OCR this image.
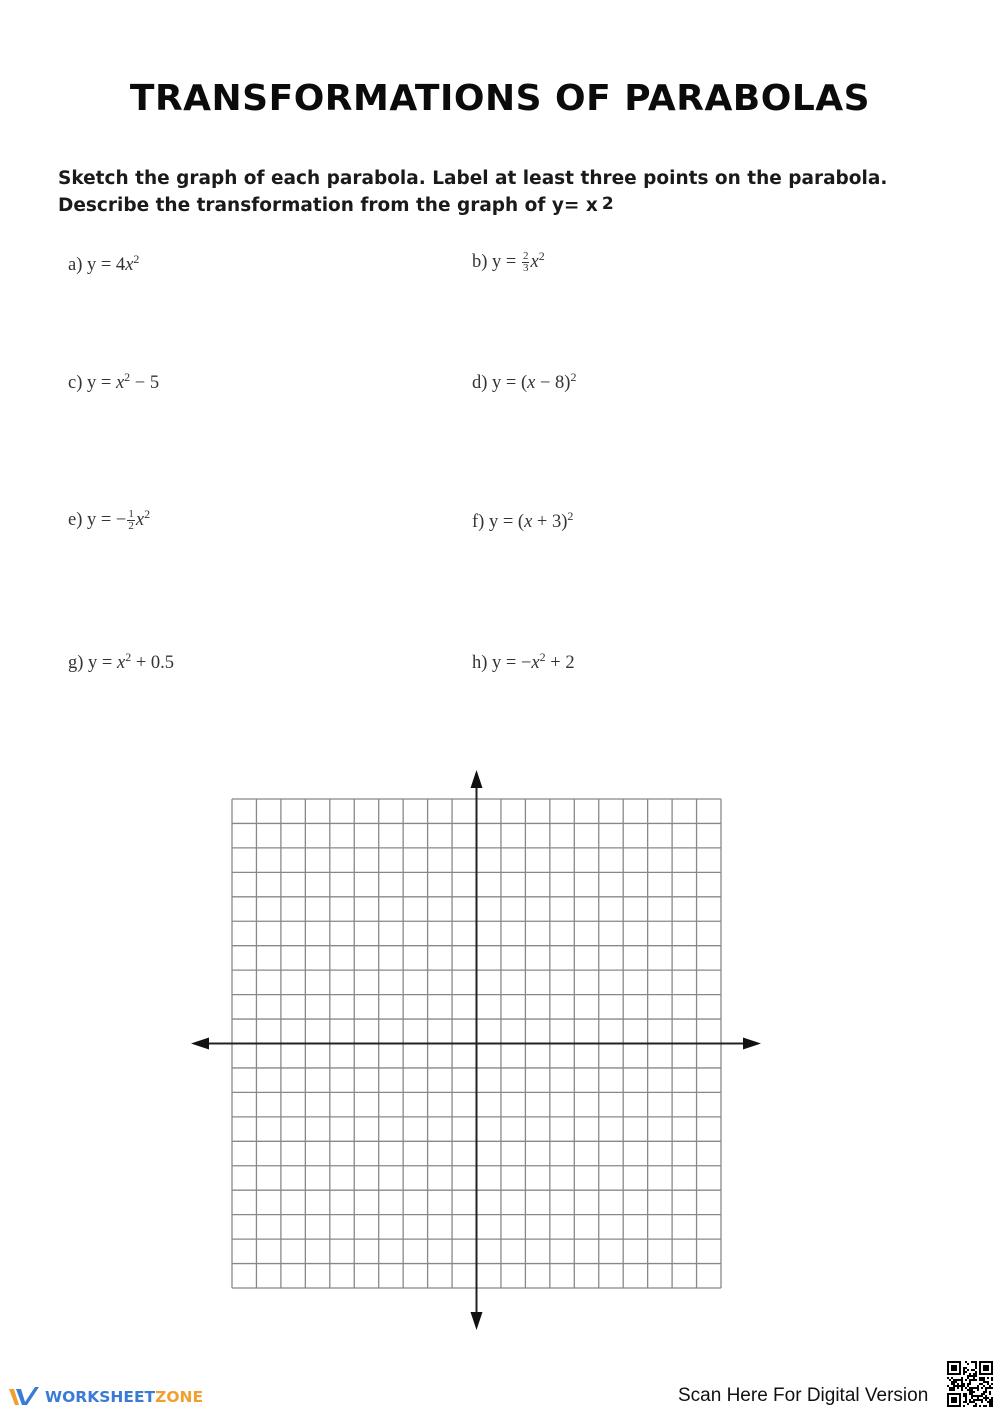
TRANSFORMATIONS OF PARABOLAS
Sketch the graph of each parabola. Label at least three points on the parabola.
Describe the transformation from the graph of y= x $^2$
a) $y = 4x^2$	b) $y = \frac{2}{3} x^2$
c) $y = x^2 - 5$	d) $y = (x - 8)^2$
e) y = − $\frac{1}{2} x^2$	f) $y = (x + 3)^2$
g) $y = x^2 + 0.5$	h) $y = -x^2 + 2$
WORKSHEETZONE	Scan Here For Digital Version
